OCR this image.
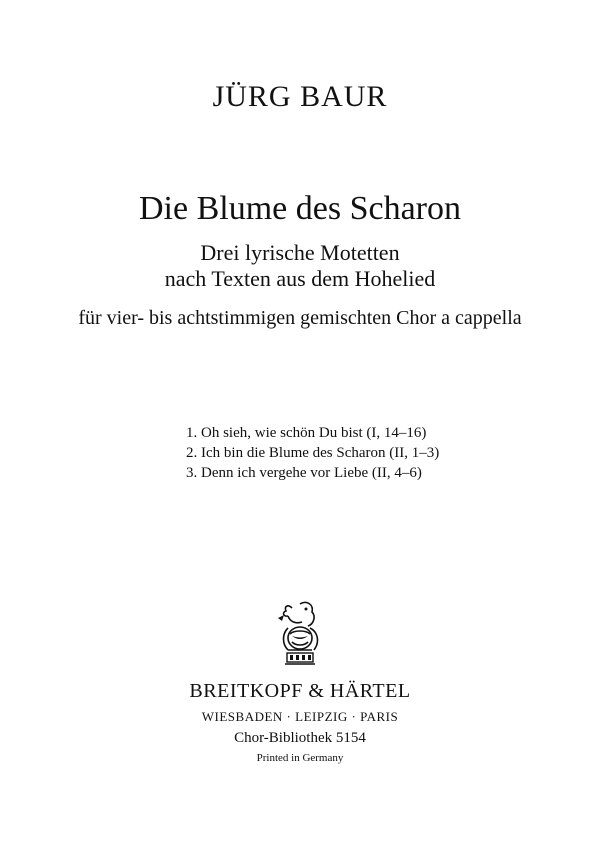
JÜRG BAUR
Die Blume des Scharon
Drei lyrische Motetten
nach Texten aus dem Hohelied
für vier- bis achtstimmigen gemischten Chor a cappella
1. Oh sieh, wie schön Du bist (I, 14–16)
2. Ich bin die Blume des Scharon (II, 1–3)
3. Denn ich vergehe vor Liebe (II, 4–6)
BREITKOPF & HÄRTEL
WIESBADEN · LEIPZIG · PARIS
Chor-Bibliothek 5154
Printed in Germany
